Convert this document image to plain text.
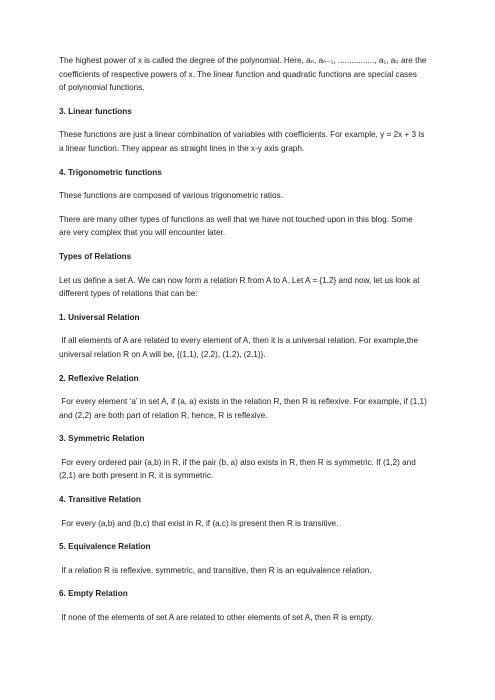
The highest power of x is called the degree of the polynomial. Here, aₙ, aₙ₋₁, ................, a₁, a₀ are the

coefficients of respective powers of x. The linear function and quadratic functions are special cases

of polynomial functions.

3. Linear functions

These functions are just a linear combination of variables with coefficients. For example, y = 2x + 3 is

a linear function. They appear as straight lines in the x-y axis graph.

4. Trigonometric functions

These functions are composed of various trigonometric ratios.

There are many other types of functions as well that we have not touched upon in this blog. Some

are very complex that you will encounter later.

Types of Relations

Let us define a set A. We can now form a relation R from A to A. Let A = {1,2} and now, let us look at

different types of relations that can be:

1. Universal Relation

If all elements of A are related to every element of A, then it is a universal relation. For example,the

universal relation R on A will be, {(1,1), (2,2), (1,2), (2,1)}.

2. Reflexive Relation

For every element ‘a’ in set A, if (a, a) exists in the relation R, then R is reflexive. For example, if (1,1)

and (2,2) are both part of relation R, hence, R is reflexive.

3. Symmetric Relation

For every ordered pair (a,b) in R, if the pair (b, a) also exists in R, then R is symmetric. If (1,2) and

(2,1) are both present in R, it is symmetric.

4. Transitive Relation

For every (a,b) and (b,c) that exist in R, if (a,c) is present then R is transitive.

5. Equivalence Relation

If a relation R is reflexive, symmetric, and transitive, then R is an equivalence relation.

6. Empty Relation

If none of the elements of set A are related to other elements of set A, then R is empty.
